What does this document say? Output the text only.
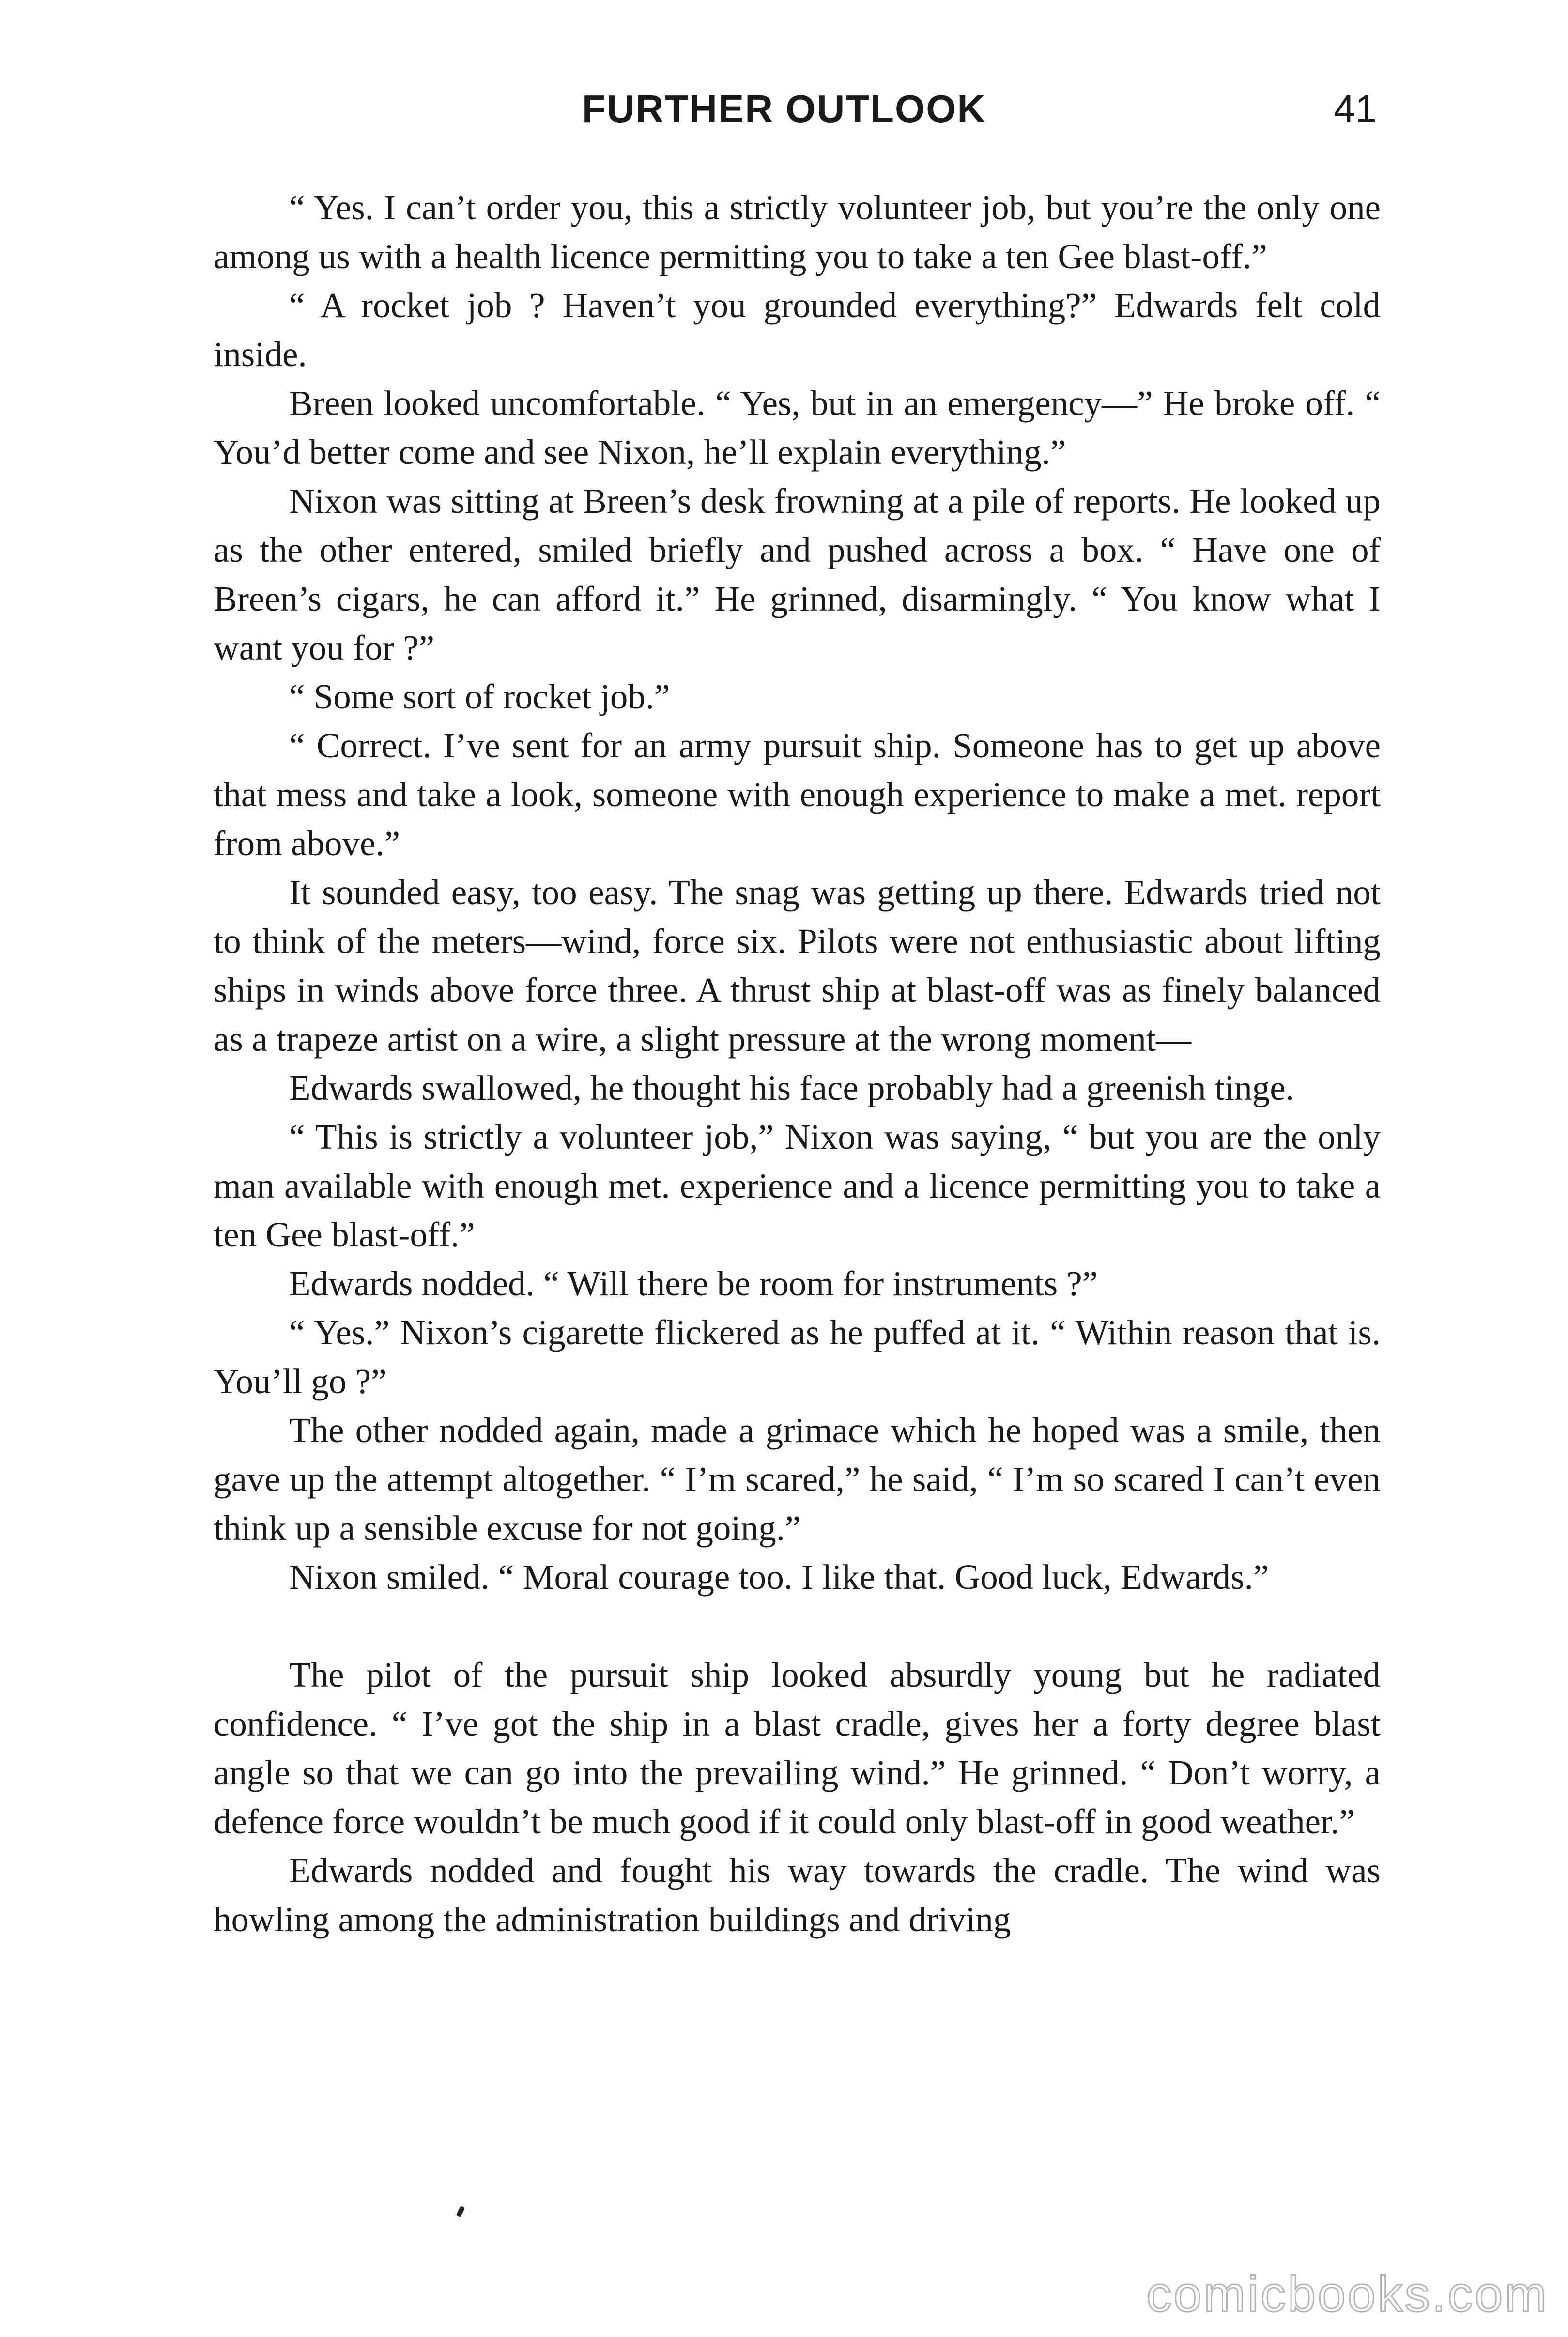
FURTHER OUTLOOK	41

“ Yes. I can’t order you, this a strictly volunteer job, but you’re the only one among us with a health licence permitting you to take a ten Gee blast-off.”

“ A rocket job ? Haven’t you grounded everything?” Edwards felt cold inside.

Breen looked uncomfortable. “ Yes, but in an emergency—” He broke off. “ You’d better come and see Nixon, he’ll explain everything.”

Nixon was sitting at Breen’s desk frowning at a pile of reports. He looked up as the other entered, smiled briefly and pushed across a box. “ Have one of Breen’s cigars, he can afford it.” He grinned, disarmingly. “ You know what I want you for ?”

“ Some sort of rocket job.”

“ Correct. I’ve sent for an army pursuit ship. Someone has to get up above that mess and take a look, someone with enough experience to make a met. report from above.”

It sounded easy, too easy. The snag was getting up there. Edwards tried not to think of the meters—wind, force six. Pilots were not enthusiastic about lifting ships in winds above force three. A thrust ship at blast-off was as finely balanced as a trapeze artist on a wire, a slight pressure at the wrong moment—

Edwards swallowed, he thought his face probably had a greenish tinge.

“ This is strictly a volunteer job,” Nixon was saying, “ but you are the only man available with enough met. experience and a licence permitting you to take a ten Gee blast-off.”

Edwards nodded. “ Will there be room for instruments ?”

“ Yes.” Nixon’s cigarette flickered as he puffed at it. “ Within reason that is. You’ll go ?”

The other nodded again, made a grimace which he hoped was a smile, then gave up the attempt altogether. “ I’m scared,” he said, “ I’m so scared I can’t even think up a sensible excuse for not going.”

Nixon smiled. “ Moral courage too. I like that. Good luck, Edwards.”

The pilot of the pursuit ship looked absurdly young but he radiated confidence. “ I’ve got the ship in a blast cradle, gives her a forty degree blast angle so that we can go into the prevailing wind.” He grinned. “ Don’t worry, a defence force wouldn’t be much good if it could only blast-off in good weather.”

Edwards nodded and fought his way towards the cradle. The wind was howling among the administration buildings and driving

comicbooks.com
